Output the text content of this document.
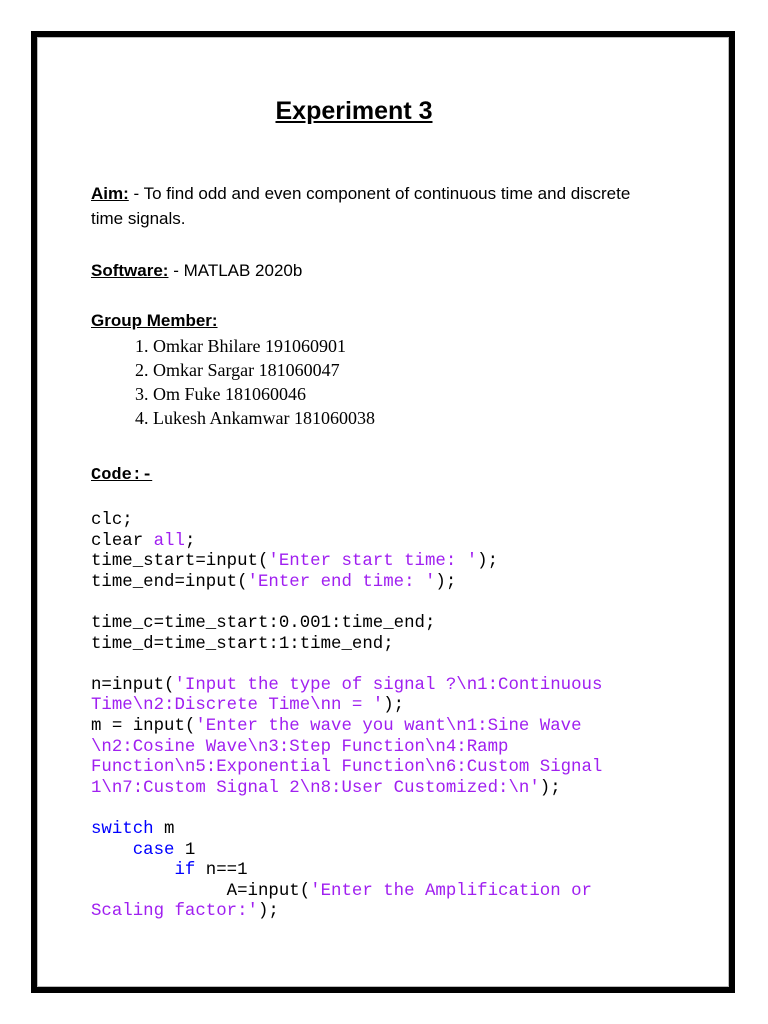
Experiment 3
Aim: - To find odd and even component of continuous time and discrete time signals.
Software: - MATLAB 2020b
Group Member:
1. Omkar Bhilare 191060901
2. Omkar Sargar 181060047
3. Om Fuke 181060046
4. Lukesh Ankamwar 181060038
Code:-
clc;
clear all;
time_start=input('Enter start time: ');
time_end=input('Enter end time: ');
time_c=time_start:0.001:time_end;
time_d=time_start:1:time_end;
n=input('Input the type of signal ?\n1:Continuous
Time\n2:Discrete Time\nn = ');
m = input('Enter the wave you want\n1:Sine Wave
\n2:Cosine Wave\n3:Step Function\n4:Ramp
Function\n5:Exponential Function\n6:Custom Signal
1\n7:Custom Signal 2\n8:User Customized:\n');
switch m
case 1
if n==1
A=input('Enter the Amplification or
Scaling factor:');
